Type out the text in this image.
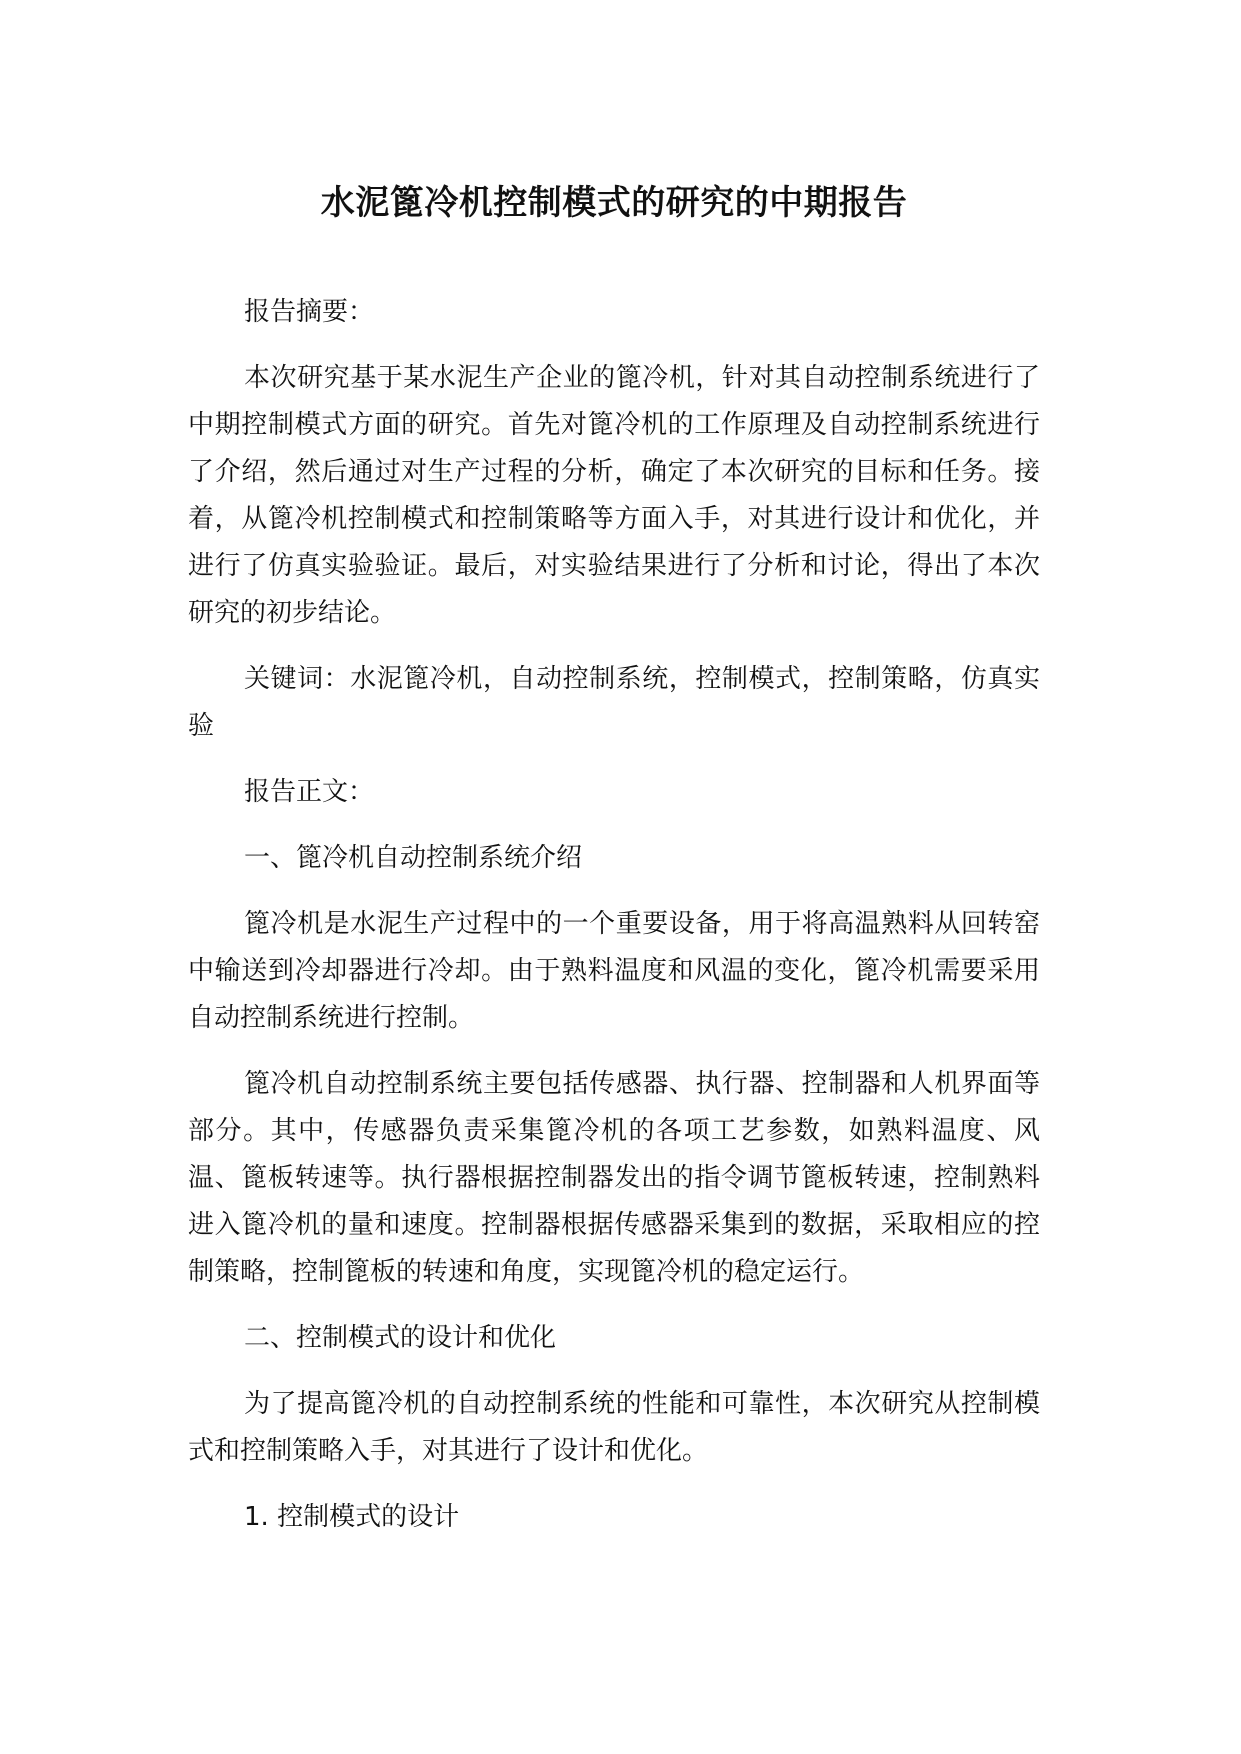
水泥篦冷机控制模式的研究的中期报告

报告摘要：

本次研究基于某水泥生产企业的篦冷机，针对其自动控制系统进行了中期控制模式方面的研究。首先对篦冷机的工作原理及自动控制系统进行了介绍，然后通过对生产过程的分析，确定了本次研究的目标和任务。接着，从篦冷机控制模式和控制策略等方面入手，对其进行设计和优化，并进行了仿真实验验证。最后，对实验结果进行了分析和讨论，得出了本次研究的初步结论。

关键词：水泥篦冷机，自动控制系统，控制模式，控制策略，仿真实验

报告正文：

一、篦冷机自动控制系统介绍

篦冷机是水泥生产过程中的一个重要设备，用于将高温熟料从回转窑中输送到冷却器进行冷却。由于熟料温度和风温的变化，篦冷机需要采用自动控制系统进行控制。

篦冷机自动控制系统主要包括传感器、执行器、控制器和人机界面等部分。其中，传感器负责采集篦冷机的各项工艺参数，如熟料温度、风温、篦板转速等。执行器根据控制器发出的指令调节篦板转速，控制熟料进入篦冷机的量和速度。控制器根据传感器采集到的数据，采取相应的控制策略，控制篦板的转速和角度，实现篦冷机的稳定运行。

二、控制模式的设计和优化

为了提高篦冷机的自动控制系统的性能和可靠性，本次研究从控制模式和控制策略入手，对其进行了设计和优化。

1. 控制模式的设计
